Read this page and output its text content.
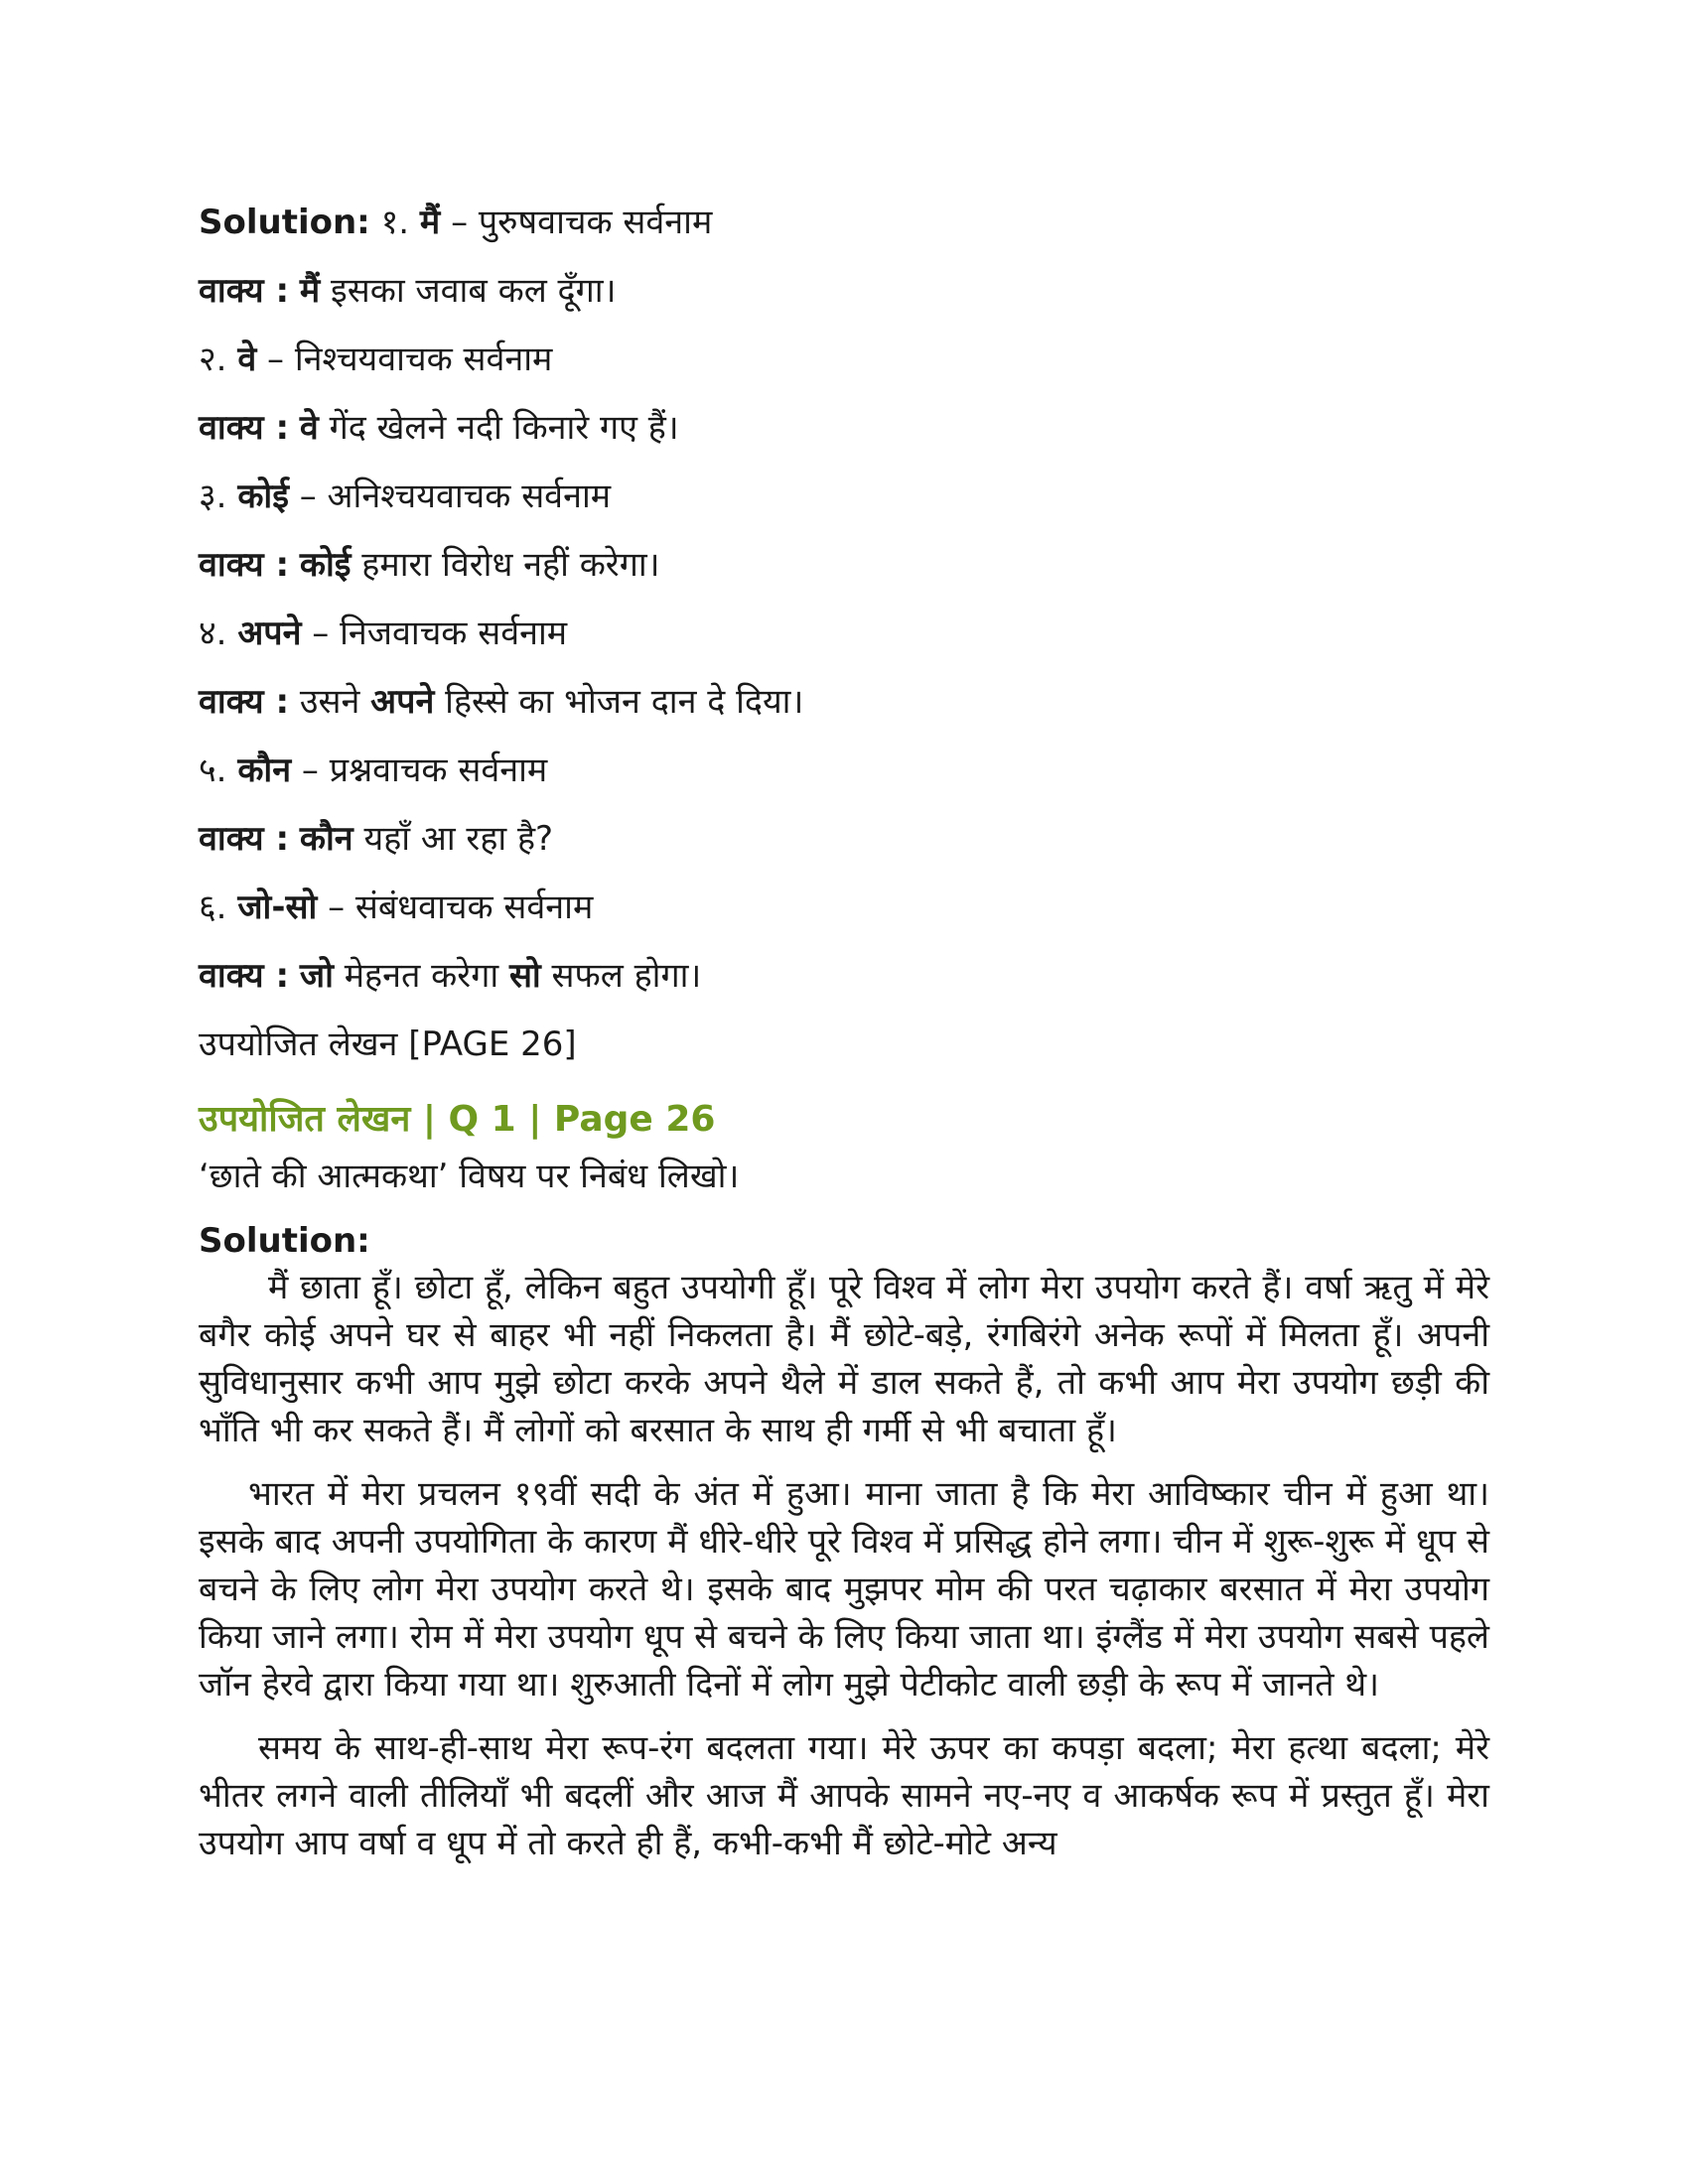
Solution: १. मैं – पुरुषवाचक सर्वनाम
वाक्य : मैं इसका जवाब कल दूँगा।
२. वे – निश्चयवाचक सर्वनाम
वाक्य : वे गेंद खेलने नदी किनारे गए हैं।
३. कोई – अनिश्चयवाचक सर्वनाम
वाक्य : कोई हमारा विरोध नहीं करेगा।
४. अपने – निजवाचक सर्वनाम
वाक्य : उसने अपने हिस्से का भोजन दान दे दिया।
५. कौन – प्रश्नवाचक सर्वनाम
वाक्य : कौन यहाँ आ रहा है?
६. जो-सो – संबंधवाचक सर्वनाम
वाक्य : जो मेहनत करेगा सो सफल होगा।
उपयोजित लेखन [PAGE 26]
उपयोजित लेखन | Q 1 | Page 26
‘छाते की आत्मकथा’ विषय पर निबंध लिखो।
Solution:

मैं छाता हूँ। छोटा हूँ, लेकिन बहुत उपयोगी हूँ। पूरे विश्व में लोग मेरा उपयोग करते हैं। वर्षा ऋतु में मेरे बगैर कोई अपने घर से बाहर भी नहीं निकलता है। मैं छोटे-बड़े, रंगबिरंगे अनेक रूपों में मिलता हूँ। अपनी सुविधानुसार कभी आप मुझे छोटा करके अपने थैले में डाल सकते हैं, तो कभी आप मेरा उपयोग छड़ी की भाँति भी कर सकते हैं। मैं लोगों को बरसात के साथ ही गर्मी से भी बचाता हूँ।

भारत में मेरा प्रचलन १९वीं सदी के अंत में हुआ। माना जाता है कि मेरा आविष्कार चीन में हुआ था। इसके बाद अपनी उपयोगिता के कारण मैं धीरे-धीरे पूरे विश्व में प्रसिद्ध होने लगा। चीन में शुरू-शुरू में धूप से बचने के लिए लोग मेरा उपयोग करते थे। इसके बाद मुझपर मोम की परत चढ़ाकार बरसात में मेरा उपयोग किया जाने लगा। रोम में मेरा उपयोग धूप से बचने के लिए किया जाता था। इंग्लैंड में मेरा उपयोग सबसे पहले जॉन हेरवे द्वारा किया गया था। शुरुआती दिनों में लोग मुझे पेटीकोट वाली छड़ी के रूप में जानते थे।

समय के साथ-ही-साथ मेरा रूप-रंग बदलता गया। मेरे ऊपर का कपड़ा बदला; मेरा हत्था बदला; मेरे भीतर लगने वाली तीलियाँ भी बदलीं और आज मैं आपके सामने नए-नए व आकर्षक रूप में प्रस्तुत हूँ। मेरा उपयोग आप वर्षा व धूप में तो करते ही हैं, कभी-कभी मैं छोटे-मोटे अन्य
